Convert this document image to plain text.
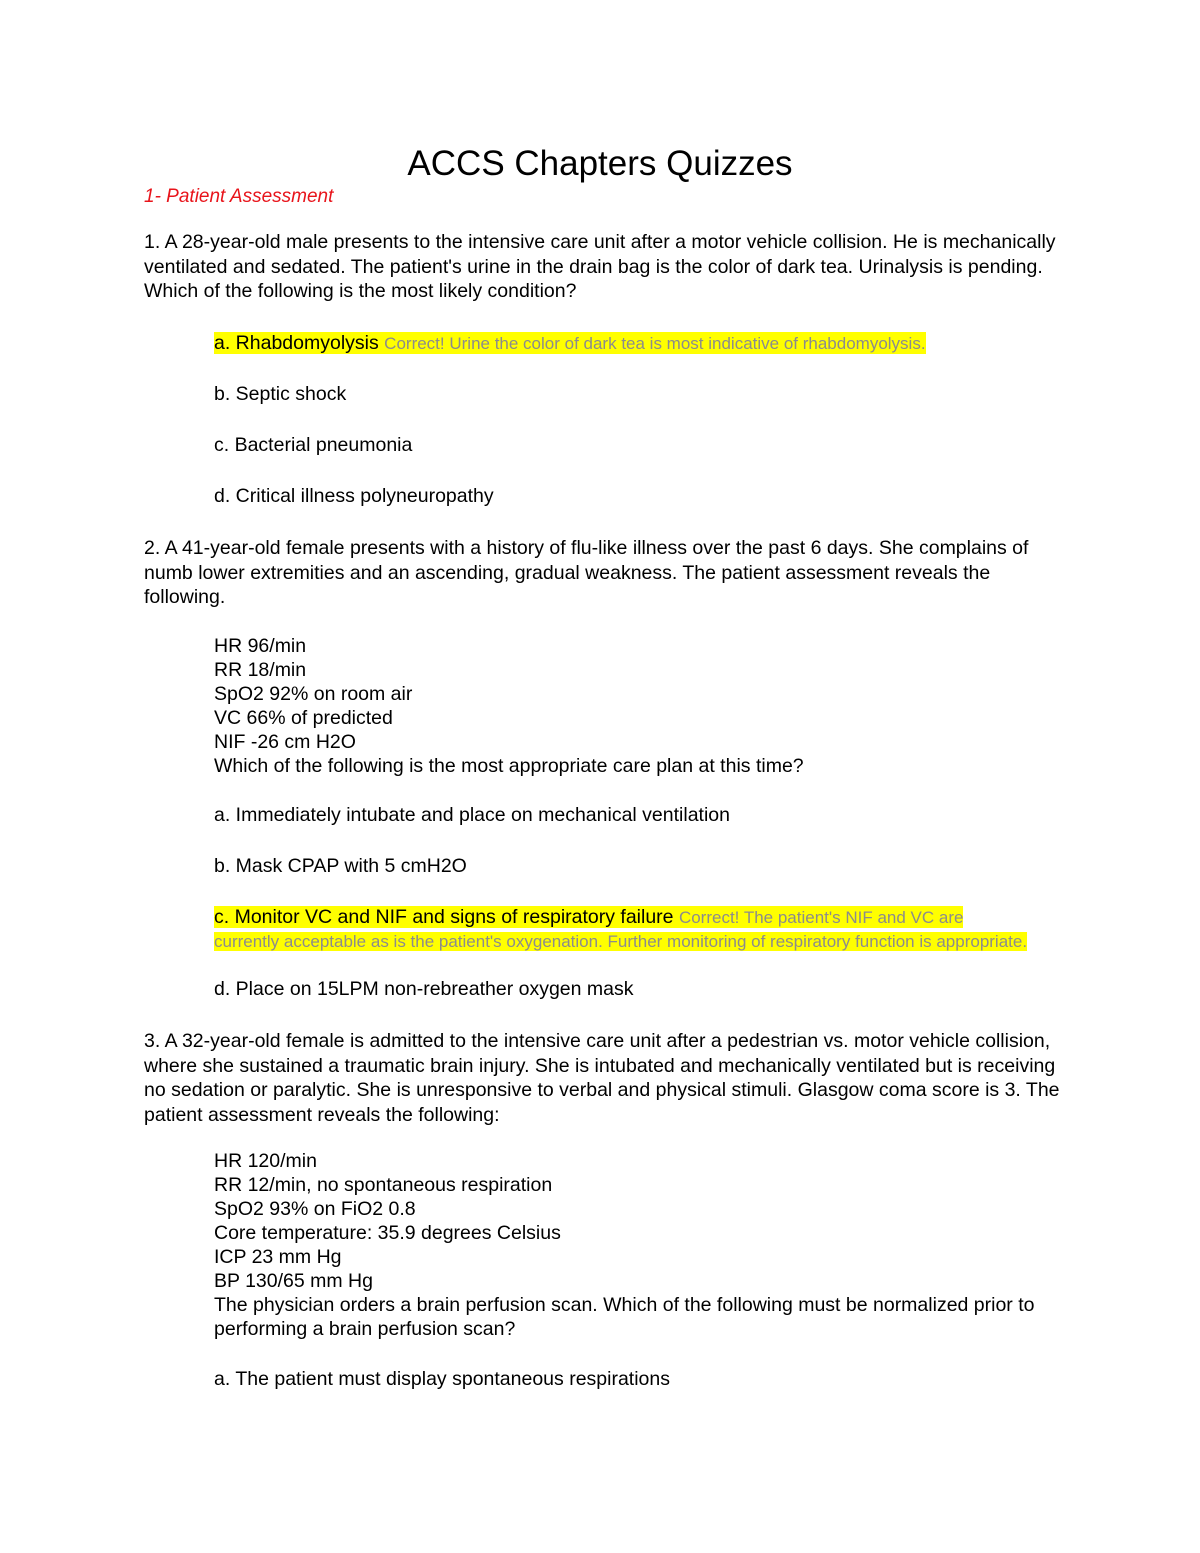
ACCS Chapters Quizzes
1- Patient Assessment
1. A 28-year-old male presents to the intensive care unit after a motor vehicle collision. He is mechanically ventilated and sedated. The patient's urine in the drain bag is the color of dark tea. Urinalysis is pending. Which of the following is the most likely condition?
a. Rhabdomyolysis Correct! Urine the color of dark tea is most indicative of rhabdomyolysis.
b. Septic shock
c. Bacterial pneumonia
d. Critical illness polyneuropathy
2. A 41-year-old female presents with a history of flu-like illness over the past 6 days. She complains of numb lower extremities and an ascending, gradual weakness. The patient assessment reveals the following.
HR 96/min
RR 18/min
SpO2 92% on room air
VC 66% of predicted
NIF -26 cm H2O
Which of the following is the most appropriate care plan at this time?
a. Immediately intubate and place on mechanical ventilation
b. Mask CPAP with 5 cmH2O
c. Monitor VC and NIF and signs of respiratory failure Correct! The patient's NIF and VC are
currently acceptable as is the patient's oxygenation. Further monitoring of respiratory function is appropriate.
d. Place on 15LPM non-rebreather oxygen mask
3. A 32-year-old female is admitted to the intensive care unit after a pedestrian vs. motor vehicle collision, where she sustained a traumatic brain injury. She is intubated and mechanically ventilated but is receiving no sedation or paralytic. She is unresponsive to verbal and physical stimuli. Glasgow coma score is 3. The patient assessment reveals the following:
HR 120/min
RR 12/min, no spontaneous respiration
SpO2 93% on FiO2 0.8
Core temperature: 35.9 degrees Celsius
ICP 23 mm Hg
BP 130/65 mm Hg
The physician orders a brain perfusion scan. Which of the following must be normalized prior to performing a brain perfusion scan?
a. The patient must display spontaneous respirations
